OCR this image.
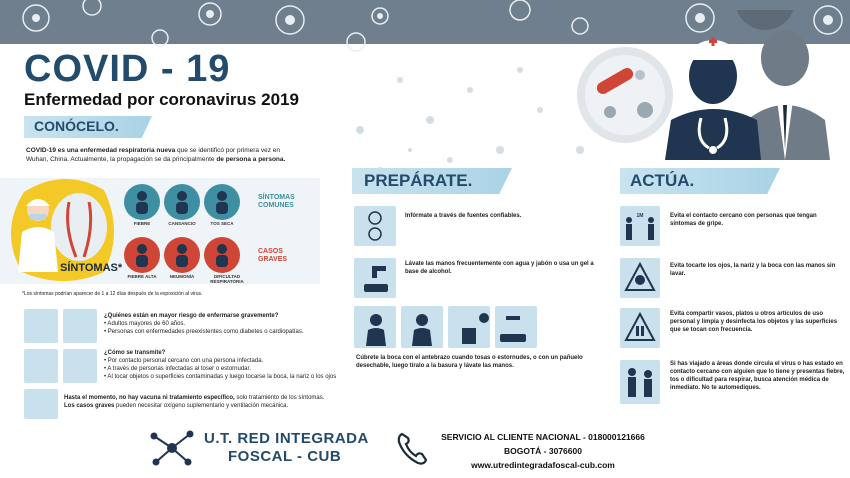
COVID - 19
Enfermedad por coronavirus 2019
CONÓCELO.
COVID-19 es una enfermedad respiratoria nueva que se identificó por primera vez en
Wuhan, China. Actualmente, la propagación se da principalmente de persona a persona.
SÍNTOMAS*
FIEBRE	CANSANCIO	TOS SECA
FIEBRE ALTA	NEUMONÍA	DIFICULTAD RESPIRATORIA
SÍNTOMAS COMUNES
CASOS GRAVES
*Los síntomas podrían aparecer de 1 a 12 días después de la exposición al virus.
¿Quiénes están en mayor riesgo de enfermarse gravemente?
• Adultos mayores de 60 años.
• Personas con enfermedades preexistentes como diabetes o cardiopatías.
¿Cómo se transmite?
• Por contacto personal cercano con una persona infectada.
• A través de personas infectadas al toser o estornudar.
• Al tocar objetos o superficies contaminadas y luego tocarse la boca, la nariz o los ojos
Hasta el momento, no hay vacuna ni tratamiento específico, solo tratamiento de los síntomas.
Los casos graves pueden necesitar oxígeno suplementario y ventilación mecánica.
PREPÁRATE.
Infórmate a través de fuentes confiables.
Lávate las manos frecuentemente con agua y jabón o usa un gel a base de alcohol.
Cúbrete la boca con el antebrazo cuando tosas o estornudes, o con un pañuelo desechable, luego tíralo a la basura y lávate las manos.
ACTÚA.
1M	Evita el contacto cercano con personas que tengan síntomas de gripe.
Evita tocarte los ojos, la nariz y la boca con las manos sin lavar.
Evita compartir vasos, platos u otros artículos de uso personal y limpia y desinfecta los objetos y las superficies que se tocan con frecuencia.
Si has viajado a áreas donde circula el virus o has estado en contacto cercano con alguien que lo tiene y presentas fiebre, tos o dificultad para respirar, busca atención médica de inmediato. No te automediques.
U.T. RED INTEGRADA
FOSCAL - CUB
SERVICIO AL CLIENTE NACIONAL - 018000121666
BOGOTÁ - 3076600
www.utredintegradafoscal-cub.com
